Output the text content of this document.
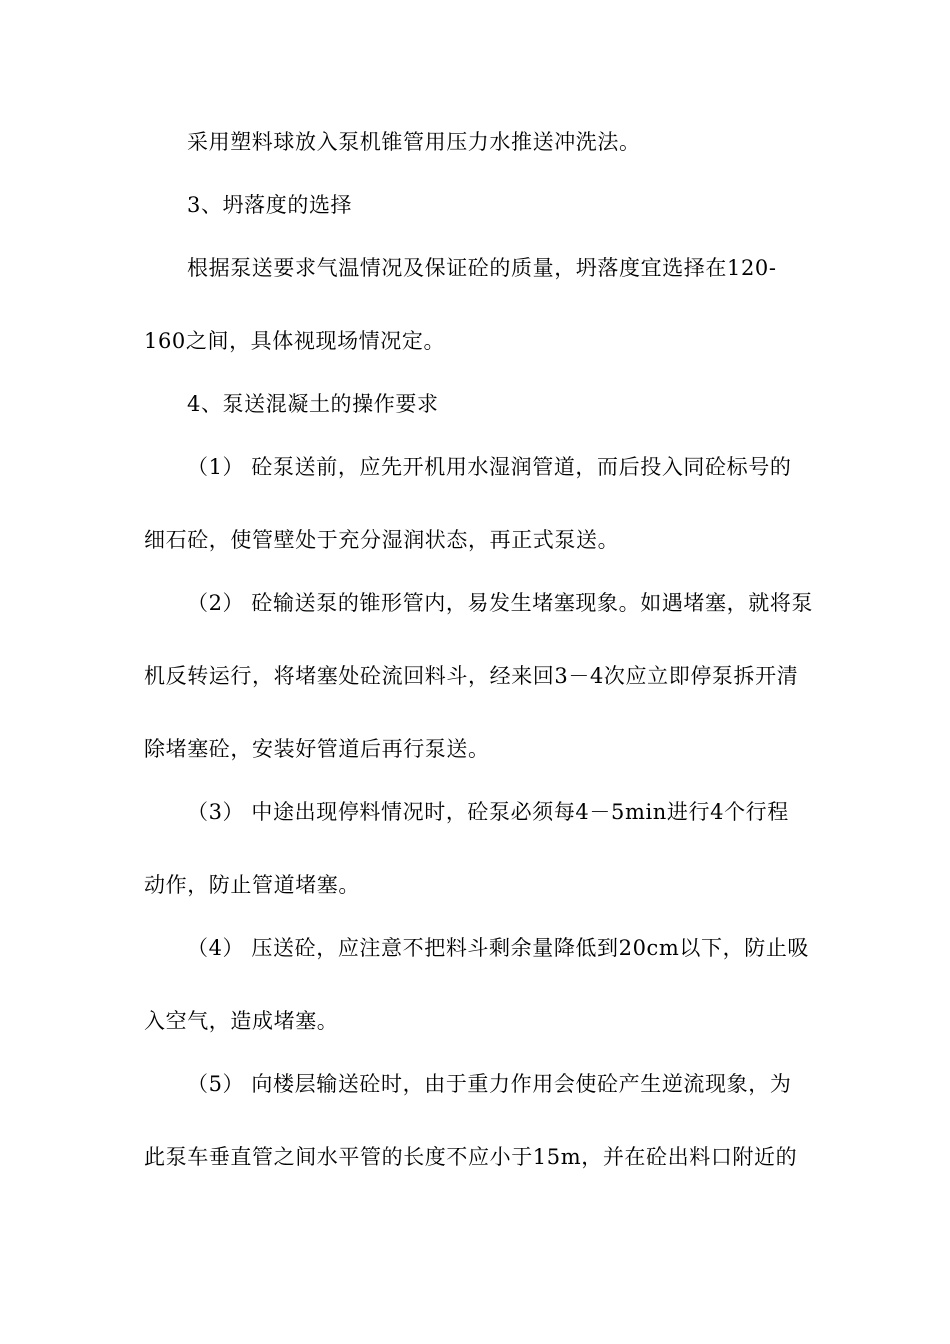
采用塑料球放入泵机锥管用压力水推送冲洗法。
3、坍落度的选择
根据泵送要求气温情况及保证砼的质量，坍落度宜选择在120-
160之间，具体视现场情况定。
4、泵送混凝土的操作要求
（1） 砼泵送前，应先开机用水湿润管道，而后投入同砼标号的
细石砼，使管壁处于充分湿润状态，再正式泵送。
（2） 砼输送泵的锥形管内，易发生堵塞现象。如遇堵塞，就将泵
机反转运行，将堵塞处砼流回料斗，经来回3－4次应立即停泵拆开清
除堵塞砼，安装好管道后再行泵送。
（3） 中途出现停料情况时，砼泵必须每4－5min进行4个行程
动作，防止管道堵塞。
（4） 压送砼，应注意不把料斗剩余量降低到20cm以下，防止吸
入空气，造成堵塞。
（5） 向楼层输送砼时，由于重力作用会使砼产生逆流现象，为
此泵车垂直管之间水平管的长度不应小于15m，并在砼出料口附近的
